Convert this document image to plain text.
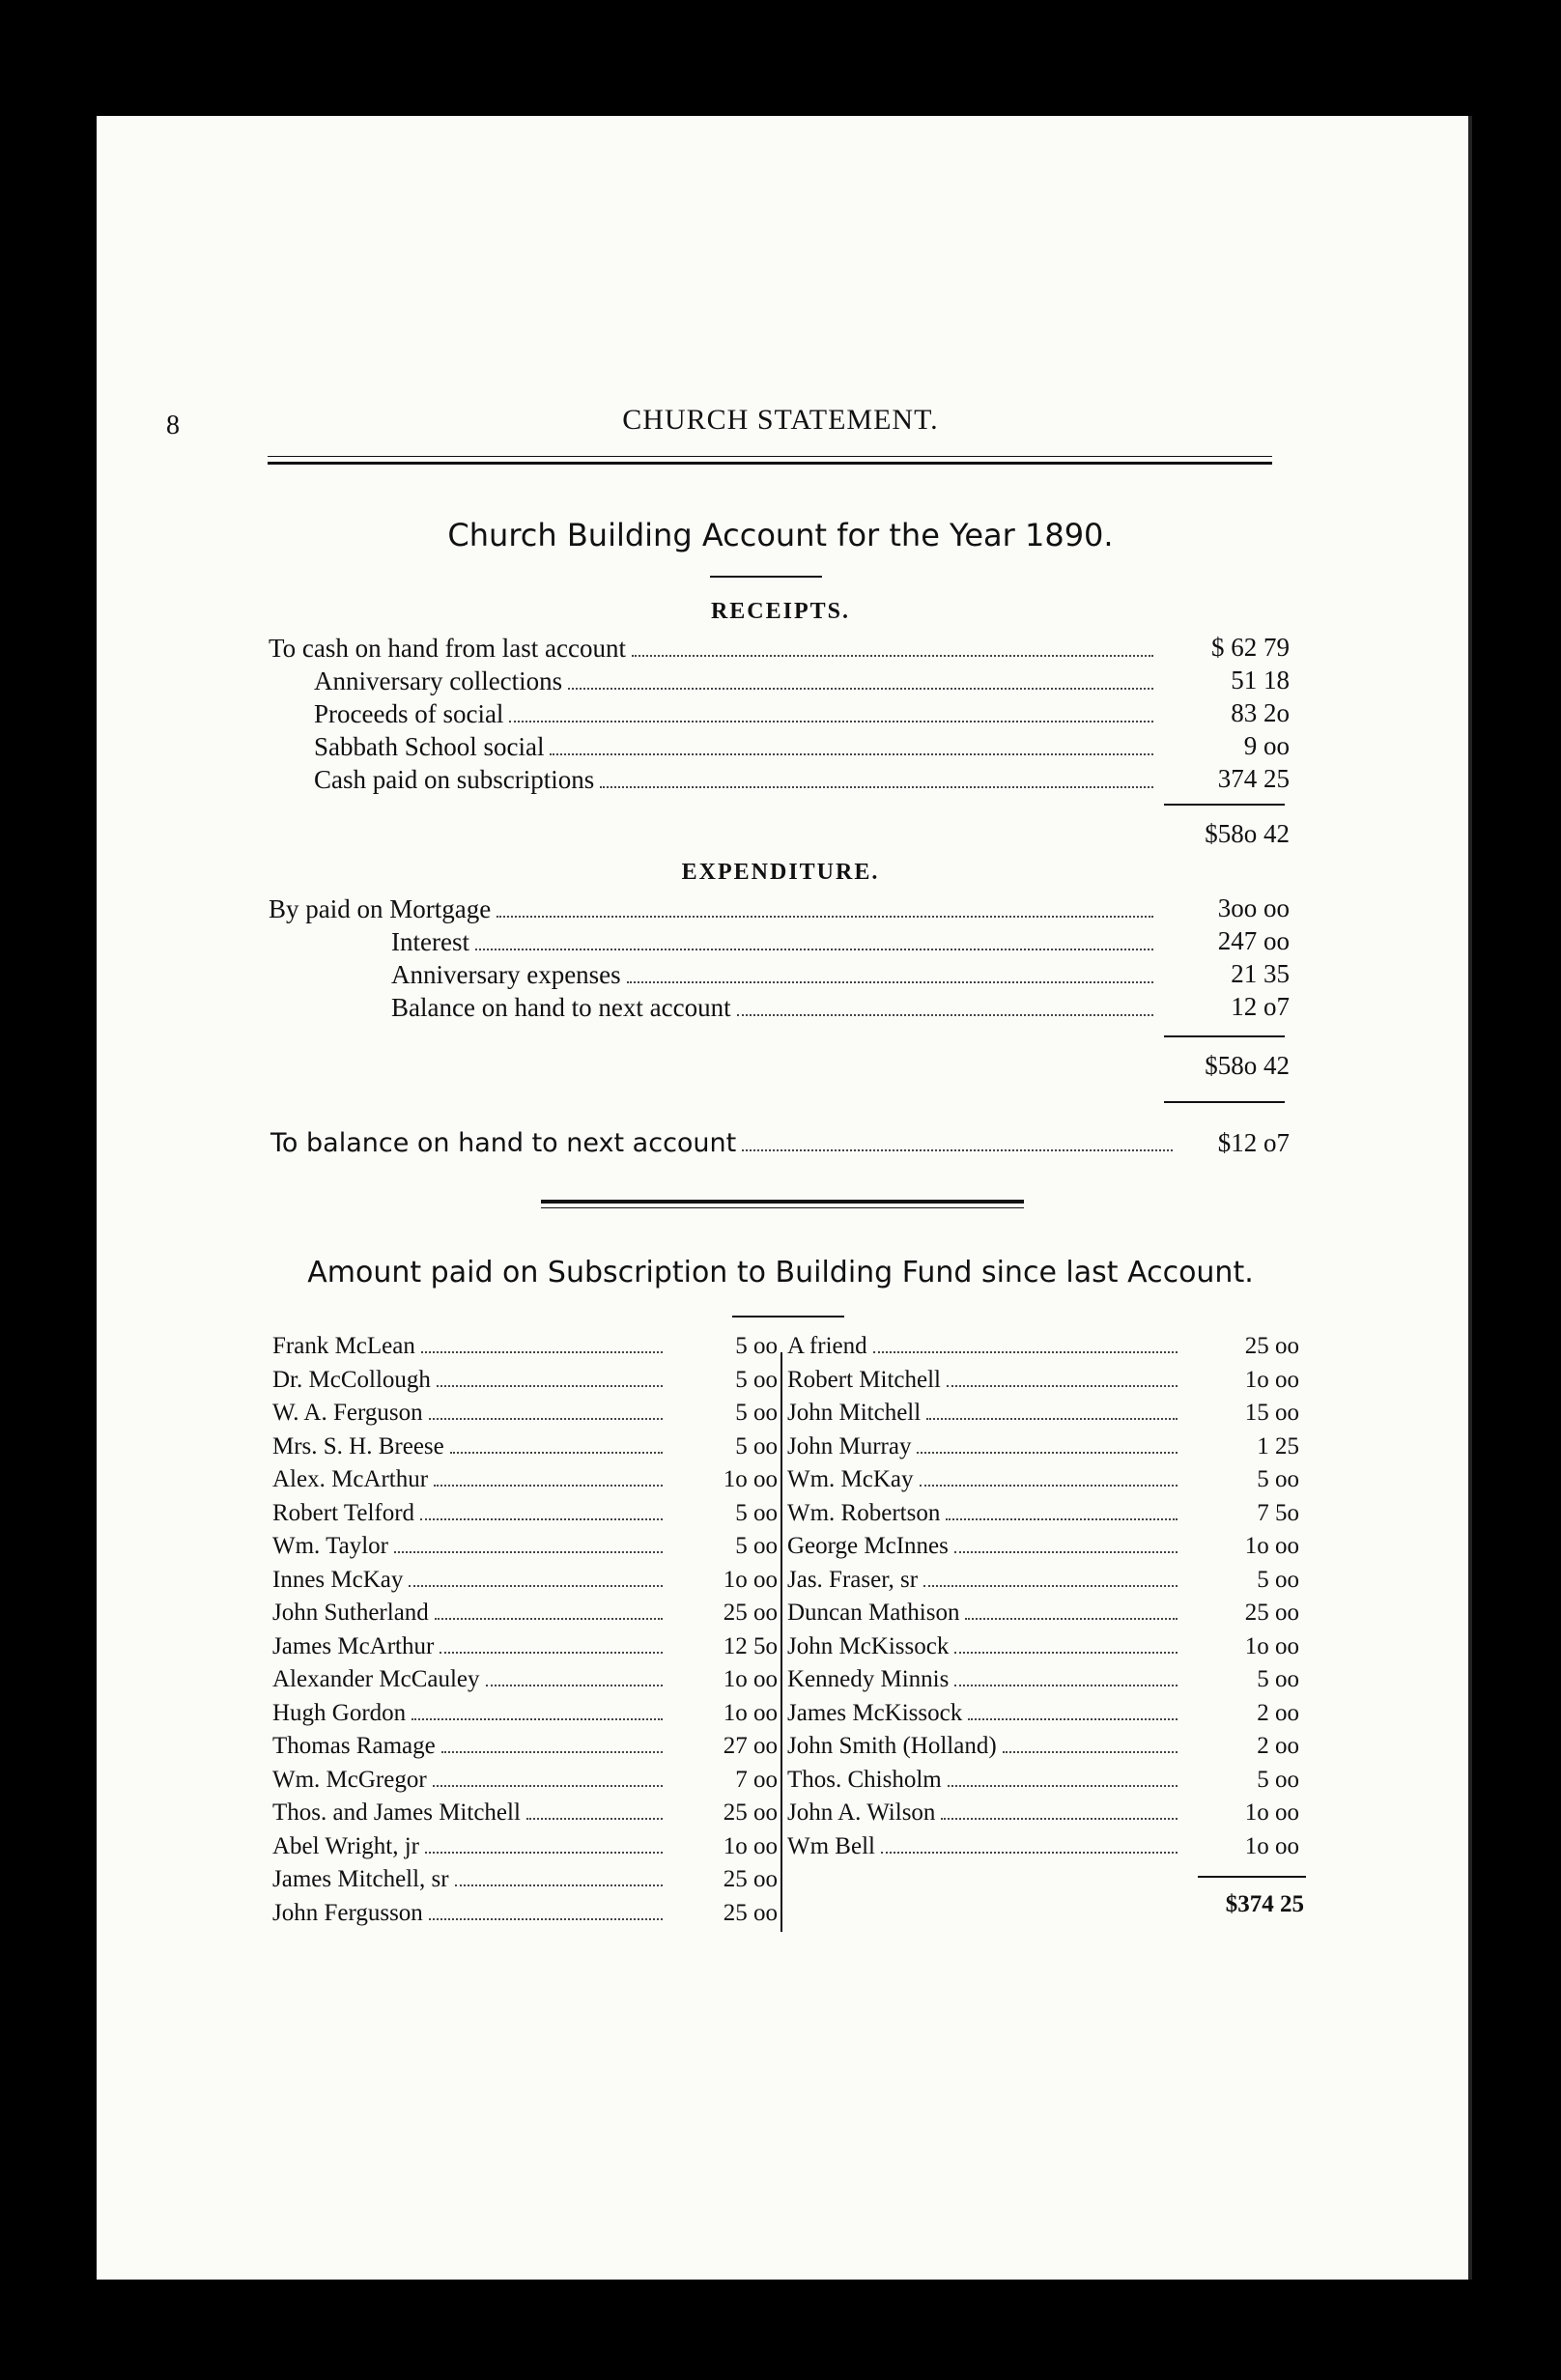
8	CHURCH STATEMENT.
Church Building Account for the Year 1890.
RECEIPTS.
To cash on hand from last account	$ 62 79
Anniversary collections	51 18
Proceeds of social	83 2o
Sabbath School social	9 oo
Cash paid on subscriptions	374 25
$58o 42
EXPENDITURE.
By paid on Mortgage	3oo oo
Interest	247 oo
Anniversary expenses	21 35
Balance on hand to next account	12 o7
$58o 42
To balance on hand to next account	$12 o7
Amount paid on Subscription to Building Fund since last Account.
Frank McLean	5 oo
Dr. McCollough	5 oo
W. A. Ferguson	5 oo
Mrs. S. H. Breese	5 oo
Alex. McArthur	1o oo
Robert Telford	5 oo
Wm. Taylor	5 oo
Innes McKay	1o oo
John Sutherland	25 oo
James McArthur	12 5o
Alexander McCauley	1o oo
Hugh Gordon	1o oo
Thomas Ramage	27 oo
Wm. McGregor	7 oo
Thos. and James Mitchell	25 oo
Abel Wright, jr	1o oo
James Mitchell, sr	25 oo
John Fergusson	25 oo
A friend	25 oo
Robert Mitchell	1o oo
John Mitchell	15 oo
John Murray	1 25
Wm. McKay	5 oo
Wm. Robertson	7 5o
George McInnes	1o oo
Jas. Fraser, sr	5 oo
Duncan Mathison	25 oo
John McKissock	1o oo
Kennedy Minnis	5 oo
James McKissock	2 oo
John Smith (Holland)	2 oo
Thos. Chisholm	5 oo
John A. Wilson	1o oo
Wm Bell	1o oo
$374 25
